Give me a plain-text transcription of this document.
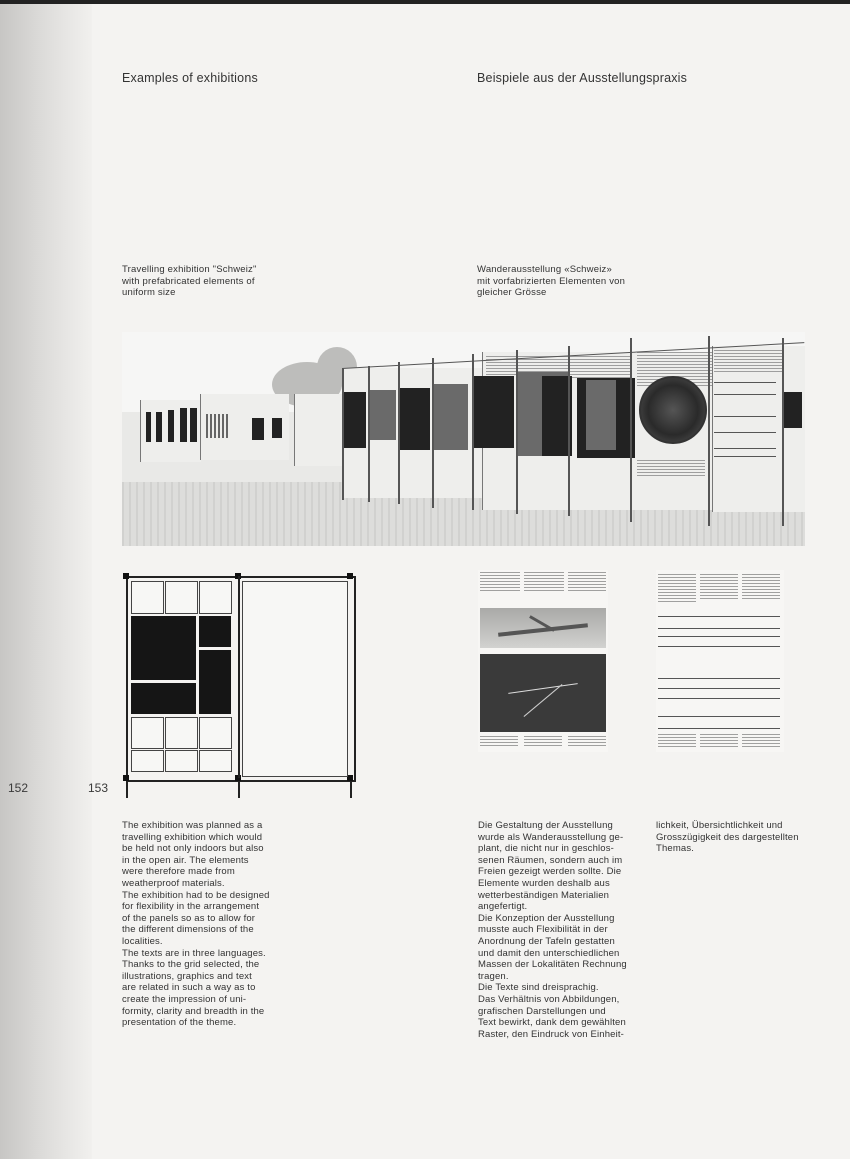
152	153
Examples of exhibitions	Beispiele aus der Ausstellungspraxis
Travelling exhibition "Schweiz"
with prefabricated elements of
uniform size
Wanderausstellung «Schweiz»
mit vorfabrizierten Elementen von
gleicher Grösse
The exhibition was planned as a
travelling exhibition which would
be held not only indoors but also
in the open air. The elements
were therefore made from
weatherproof materials.
The exhibition had to be designed
for flexibility in the arrangement
of the panels so as to allow for
the different dimensions of the
localities.
The texts are in three languages.
Thanks to the grid selected, the
illustrations, graphics and text
are related in such a way as to
create the impression of uni-
formity, clarity and breadth in the
presentation of the theme.
Die Gestaltung der Ausstellung
wurde als Wanderausstellung ge-
plant, die nicht nur in geschlos-
senen Räumen, sondern auch im
Freien gezeigt werden sollte. Die
Elemente wurden deshalb aus
wetterbeständigen Materialien
angefertigt.
Die Konzeption der Ausstellung
musste auch Flexibilität in der
Anordnung der Tafeln gestatten
und damit den unterschiedlichen
Massen der Lokalitäten Rechnung
tragen.
Die Texte sind dreisprachig.
Das Verhältnis von Abbildungen,
grafischen Darstellungen und
Text bewirkt, dank dem gewählten
Raster, den Eindruck von Einheit-
lichkeit, Übersichtlichkeit und
Grosszügigkeit des dargestellten
Themas.
